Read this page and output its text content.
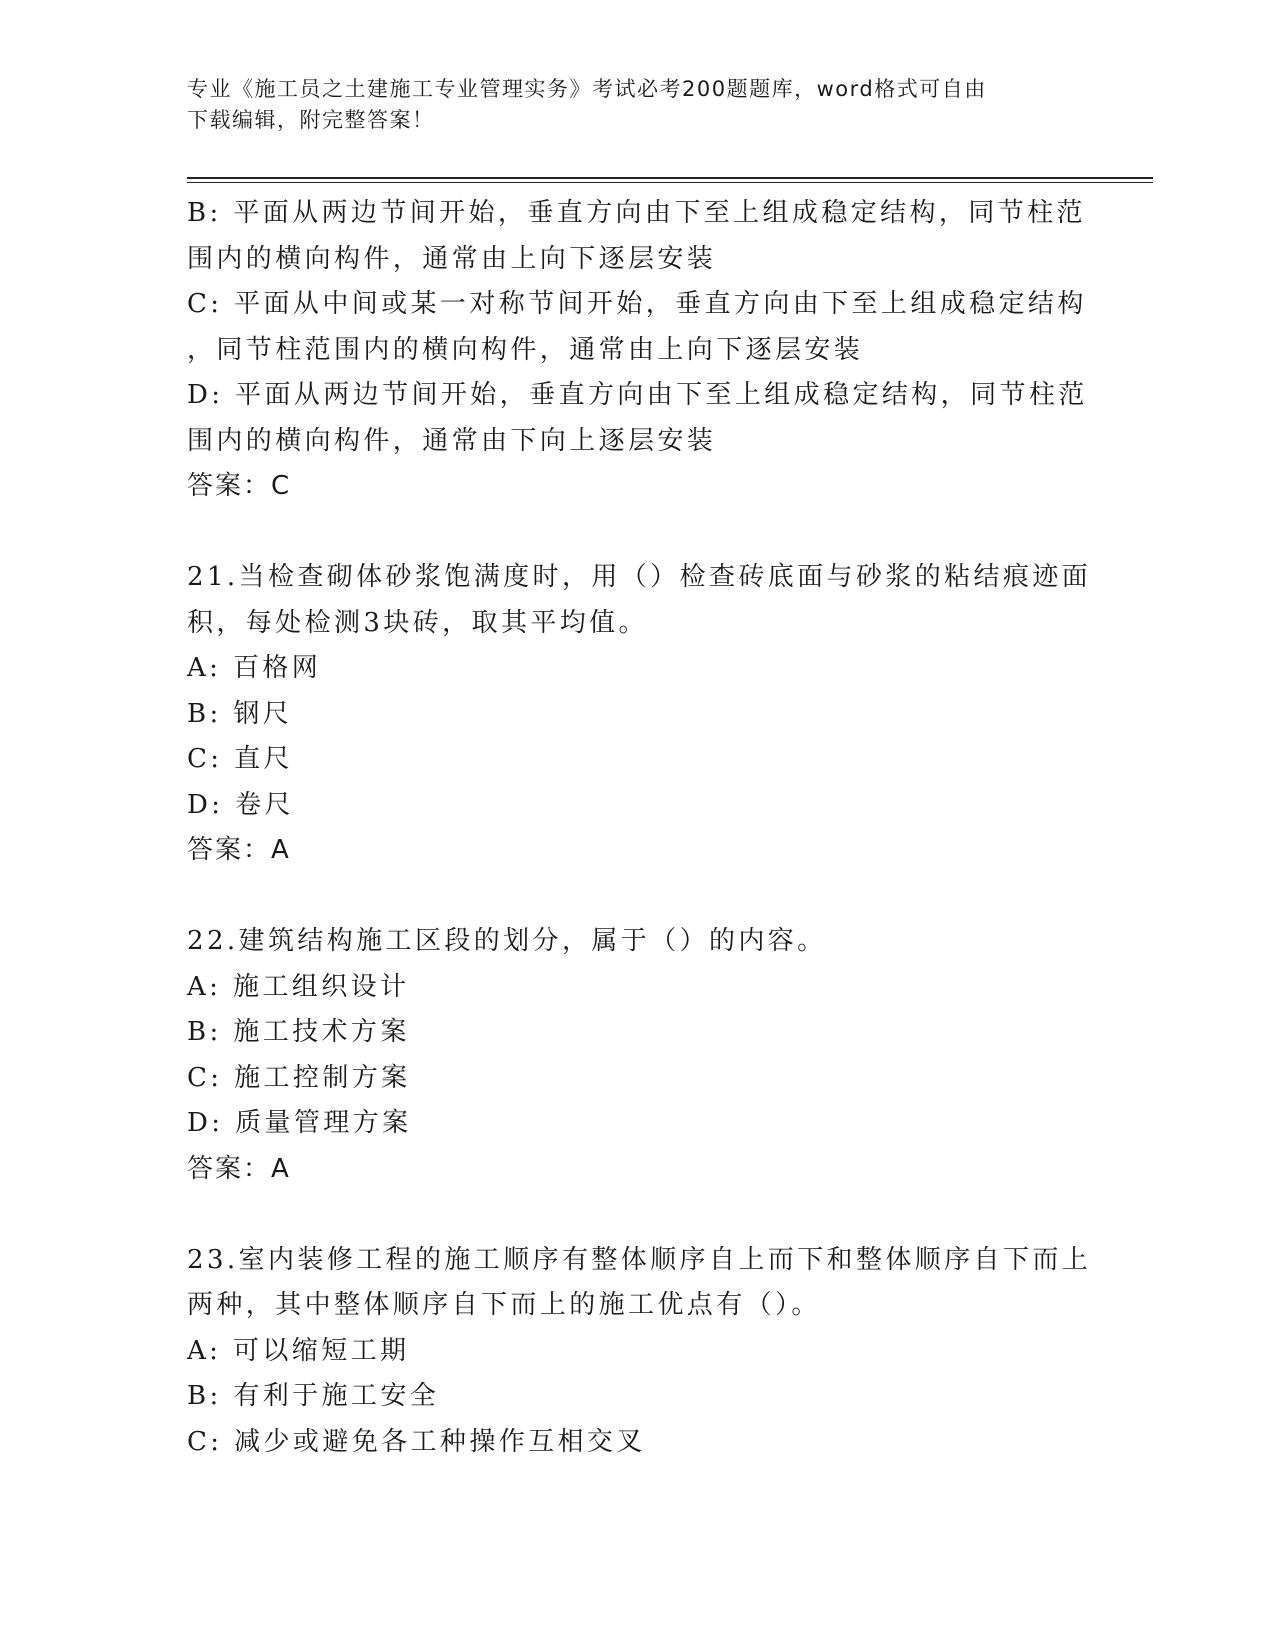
专业《施工员之土建施工专业管理实务》考试必考200题题库，word格式可自由
下载编辑，附完整答案！
B: 平面从两边节间开始，垂直方向由下至上组成稳定结构，同节柱范
围内的横向构件，通常由上向下逐层安装
C: 平面从中间或某一对称节间开始，垂直方向由下至上组成稳定结构
，同节柱范围内的横向构件，通常由上向下逐层安装
D: 平面从两边节间开始，垂直方向由下至上组成稳定结构，同节柱范
围内的横向构件，通常由下向上逐层安装
答案：C
21.当检查砌体砂浆饱满度时，用（）检查砖底面与砂浆的粘结痕迹面
积，每处检测3块砖，取其平均值。
A: 百格网
B: 钢尺
C: 直尺
D: 卷尺
答案：A
22.建筑结构施工区段的划分，属于（）的内容。
A: 施工组织设计
B: 施工技术方案
C: 施工控制方案
D: 质量管理方案
答案：A
23.室内装修工程的施工顺序有整体顺序自上而下和整体顺序自下而上
两种，其中整体顺序自下而上的施工优点有（）。
A: 可以缩短工期
B: 有利于施工安全
C: 减少或避免各工种操作互相交叉
